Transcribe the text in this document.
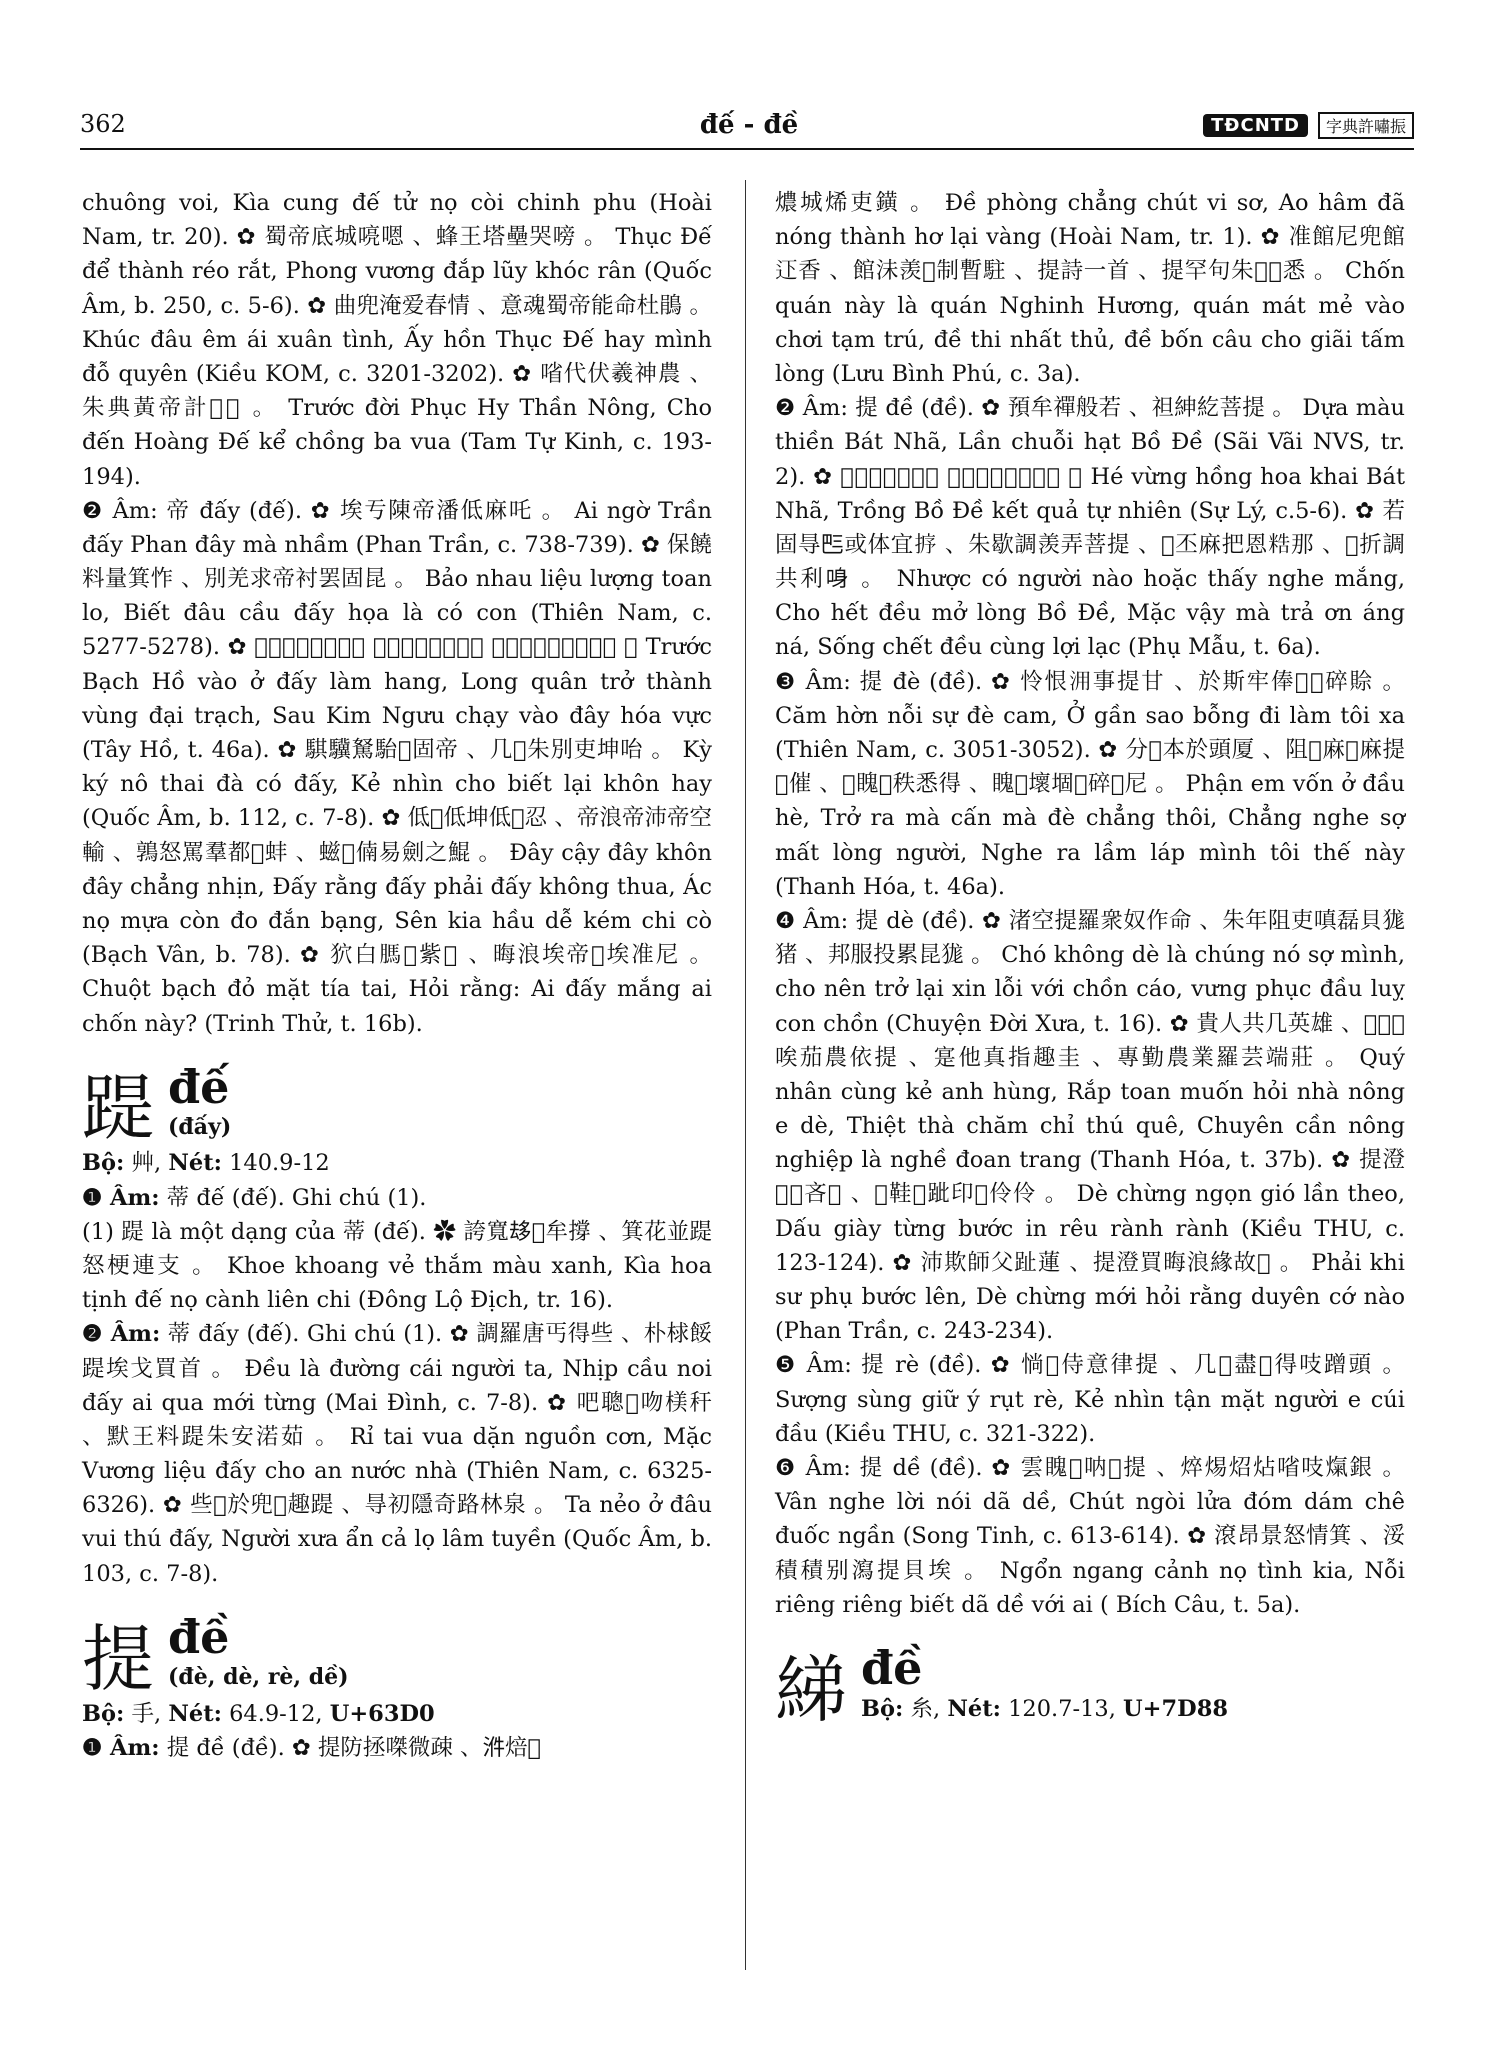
362	đế - đề	TĐCNTD	字典許嘯振

chuông voi, Kìa cung đế tử nọ còi chinh phu (Hoài Nam, tr. 20). ✿ 蜀帝底城喨嗯 、蜂王塔壘哭嗙 。 Thục Đế để thành réo rắt, Phong vương đắp lũy khóc rân (Quốc Âm, b. 250, c. 5-6). ✿ 曲兜淹爱春情 、意魂蜀帝能命杜鵑 。 Khúc đâu êm ái xuân tình, Ấy hồn Thục Đế hay mình đỗ quyên (Kiều KOM, c. 3201-3202). ✿ 㗂代伏羲神農 、朱典黃帝計𦋦𠀧 。 Trước đời Phục Hy Thần Nông, Cho đến Hoàng Đế kể chồng ba vua (Tam Tự Kinh, c. 193-194).

❷ Âm: 帝 đấy (đế). ✿ 埃亐陳帝潘低麻吒 。 Ai ngờ Trần đấy Phan đây mà nhầm (Phan Trần, c. 738-739). ✿ 保饒料量箕怍 、別羌求帝衬罢固昆 。 Bảo nhau liệu lượng toan lo, Biết đâu cầu đấy họa là có con (Thiên Nam, c. 5277-5278). ✿ 𠓀白狐𠚢於帝𠳨𨤔 、龍君擼城𣺺大澤 、𨍦金牛𧼋𠚢低化域 。 Trước Bạch Hồ vào ở đấy làm hang, Long quân trở thành vùng đại trạch, Sau Kim Ngưu chạy vào đây hóa vực (Tây Hồ, t. 46a). ✿ 騏驥駑駘𥹰固帝 、几𧦕朱別吏坤咍 。 Kỳ ký nô thai đà có đấy, Kẻ nhìn cho biết lại khôn hay (Quốc Âm, b. 112, c. 7-8). ✿ 低𢜠低坤低𢪀忍 、帝浪帝沛帝空輸 、鶉怒罵羣都𣅶蚌 、螆𡗅㑲易劍之鯤 。 Đây cậy đây khôn đây chẳng nhịn, Đấy rằng đấy phải đấy không thua, Ác nọ mựa còn đo đắn bạng, Sên kia hầu dễ kém chi cò (Bạch Vân, b. 78). ✿ 狖白𦟐𦛌紫𦖑 、晦浪埃帝𪡔埃准尼 。 Chuột bạch đỏ mặt tía tai, Hỏi rằng: Ai đấy mắng ai chốn này? (Trinh Thử, t. 16b).

踶 đế
(đấy)

Bộ: 艸, Nét: 140.9-12

❶ Âm: 蒂 đế (đế). Ghi chú (1).

(1) 踶 là một dạng của 蒂 (đế). ✿ 誇寬𠫾𧹟牟撐 、箕花並踶怒梗連支 。 Khoe khoang vẻ thắm màu xanh, Kìa hoa tịnh đế nọ cành liên chi (Đông Lộ Địch, tr. 16).

❷ Âm: 蒂 đấy (đế). Ghi chú (1). ✿ 調羅唐丐得些 、朴梂餒踶埃戈買首 。 Đều là đường cái người ta, Nhịp cầu noi đấy ai qua mới từng (Mai Đình, c. 7-8). ✿ 吧聰𢬣吻𣖙秆 、默王料踶朱安渃茹 。 Rỉ tai vua dặn nguồn cơn, Mặc Vương liệu đấy cho an nước nhà (Thiên Nam, c. 6325-6326). ✿ 些𡎝於兜𠞺趣踶 、㝵初隱奇路林泉 。 Ta nẻo ở đâu vui thú đấy, Người xưa ẩn cả lọ lâm tuyền (Quốc Âm, b. 103, c. 7-8).

提 đề
(đè, dè, rè, dề)

Bộ: 手, Nét: 64.9-12, U+63D0

❶ Âm: 提 đề (đề). ✿ 提防拯𠹳微疎 、𣴓焙𥹰

燶城烯吏鐄 。 Đề phòng chẳng chút vi sơ, Ao hâm đã nóng thành hơ lại vàng (Hoài Nam, tr. 1). ✿ 准館尼兜館𨑜香 、館沬羡𠚢制暫駐 、提詩一首 、提罕句朱𤒛𢘾悉 。 Chốn quán này là quán Nghinh Hương, quán mát mẻ vào chơi tạm trú, đề thi nhất thủ, đề bốn câu cho giãi tấm lòng (Lưu Bình Phú, c. 3a).

❷ Âm: 提 đề (đề). ✿ 預牟禪般若 、𥘵紳紇菩提 。 Dựa màu thiền Bát Nhã, Lần chuỗi hạt Bồ Đề (Sãi Vãi NVS, tr. 2). ✿ 𪧚彙紅花開般若 、𣘃菩提結果自然 。 Hé vừng hồng hoa khai Bát Nhã, Trồng Bồ Đề kết quả tự nhiên (Sự Lý, c.5-6). ✿ 若固㝵𠀧或体宜𢭸 、朱歇調羡弄菩提 、𠻵丕麻把恩𥺊那 、𦛋折調共利𠲳 。 Nhược có người nào hoặc thấy nghe mắng, Cho hết đều mở lòng Bồ Đề, Mặc vậy mà trả ơn áng ná, Sống chết đều cùng lợi lạc (Phụ Mẫu, t. 6a).

❸ Âm: 提 đè (đề). ✿ 怜恨𣳔事提甘 、於斯牢俸𢧚𠳨碎賒 。 Căm hờn nỗi sự đè cam, Ở gần sao bỗng đi làm tôi xa (Thiên Nam, c. 3051-3052). ✿ 分𡛔本於頭厦 、阻𥓿麻𠀲麻提𢭁催 、𢭁䁛𢤞秩悉得 、䁛𥓿壞堌𣷭碎𫥨尼 。 Phận em vốn ở đầu hè, Trở ra mà cấn mà đè chẳng thôi, Chẳng nghe sợ mất lòng người, Nghe ra lầm láp mình tôi thế này (Thanh Hóa, t. 46a).

❹ Âm: 提 dè (đề). ✿ 渚空提羅衆奴作命 、朱年阻吏嗔磊貝狵猪 、邦服投累昆狵 。 Chó không dè là chúng nó sợ mình, cho nên trở lại xin lỗi với chồn cáo, vưng phục đầu luỵ con chồn (Chuyện Đời Xưa, t. 16). ✿ 貴人共几英雄 、𠯅𥗐𡁐唉茄農依提 、寔他真指趣圭 、專勤農業羅芸端莊 。 Quý nhân cùng kẻ anh hùng, Rắp toan muốn hỏi nhà nông e dè, Thiệt thà chăm chỉ thú quê, Chuyên cần nông nghiệp là nghề đoan trang (Thanh Hóa, t. 37b). ✿ 提澄𠼫𨒙吝𨇉 、𨀈鞋𠫾跐印𦹵伶伶 。 Dè chừng ngọn gió lần theo, Dấu giày từng bước in rêu rành rành (Kiều THU, c. 123-124). ✿ 沛欺師父趾蓮 、提澄買晦浪緣故𥙩 。 Phải khi sư phụ bước lên, Dè chừng mới hỏi rằng duyên cớ nào (Phan Trần, c. 243-234).

❺ Âm: 提 rè (đề). ✿ 惝𢤔侍意律提 、几𧡊盡𦟐得吱蹭頭 。 Sượng sùng giữ ý rụt rè, Kẻ nhìn tận mặt người e cúi đầu (Kiều THU, c. 321-322).

❻ Âm: 提 dề (đề). ✿ 雲䁛𠳒呐𥱬提 、焠焬炤炶㗂吱熂銀 。 Vân nghe lời nói dã dề, Chút ngòi lửa đóm dám chê đuốc ngần (Song Tinh, c. 613-614). ✿ 滾昂景怒情箕 、浽積積别瀉提貝埃 。 Ngổn ngang cảnh nọ tình kia, Nỗi riêng riêng biết dã dề với ai ( Bích Câu, t. 5a).

綈 đề
Bộ: 糸, Nét: 120.7-13, U+7D88
